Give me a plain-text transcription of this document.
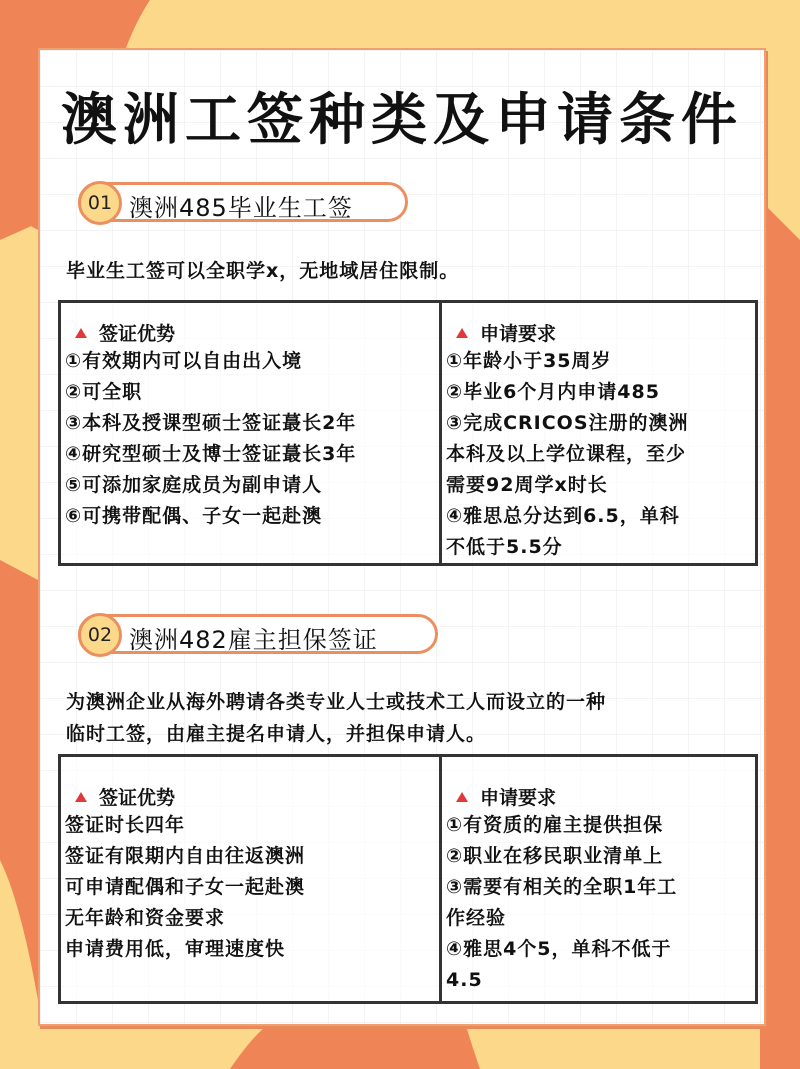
澳洲工签种类及申请条件
01 澳洲485毕业生工签
毕业生工签可以全职学x，无地域居住限制。
签证优势
①有效期内可以自由出入境
②可全职
③本科及授课型硕士签证蕞长2年
④研究型硕士及博士签证蕞长3年
⑤可添加家庭成员为副申请人
⑥可携带配偶、子女一起赴澳
申请要求
①年龄小于35周岁
②毕业6个月内申请485
③完成CRICOS注册的澳洲
本科及以上学位课程，至少
需要92周学x时长
④雅思总分达到6.5，单科
不低于5.5分
02 澳洲482雇主担保签证
为澳洲企业从海外聘请各类专业人士或技术工人而设立的一种
临时工签，由雇主提名申请人，并担保申请人。
签证优势
签证时长四年
签证有限期内自由往返澳洲
可申请配偶和子女一起赴澳
无年龄和资金要求
申请费用低，审理速度快
申请要求
①有资质的雇主提供担保
②职业在移民职业清单上
③需要有相关的全职1年工
作经验
④雅思4个5，单科不低于
4.5
